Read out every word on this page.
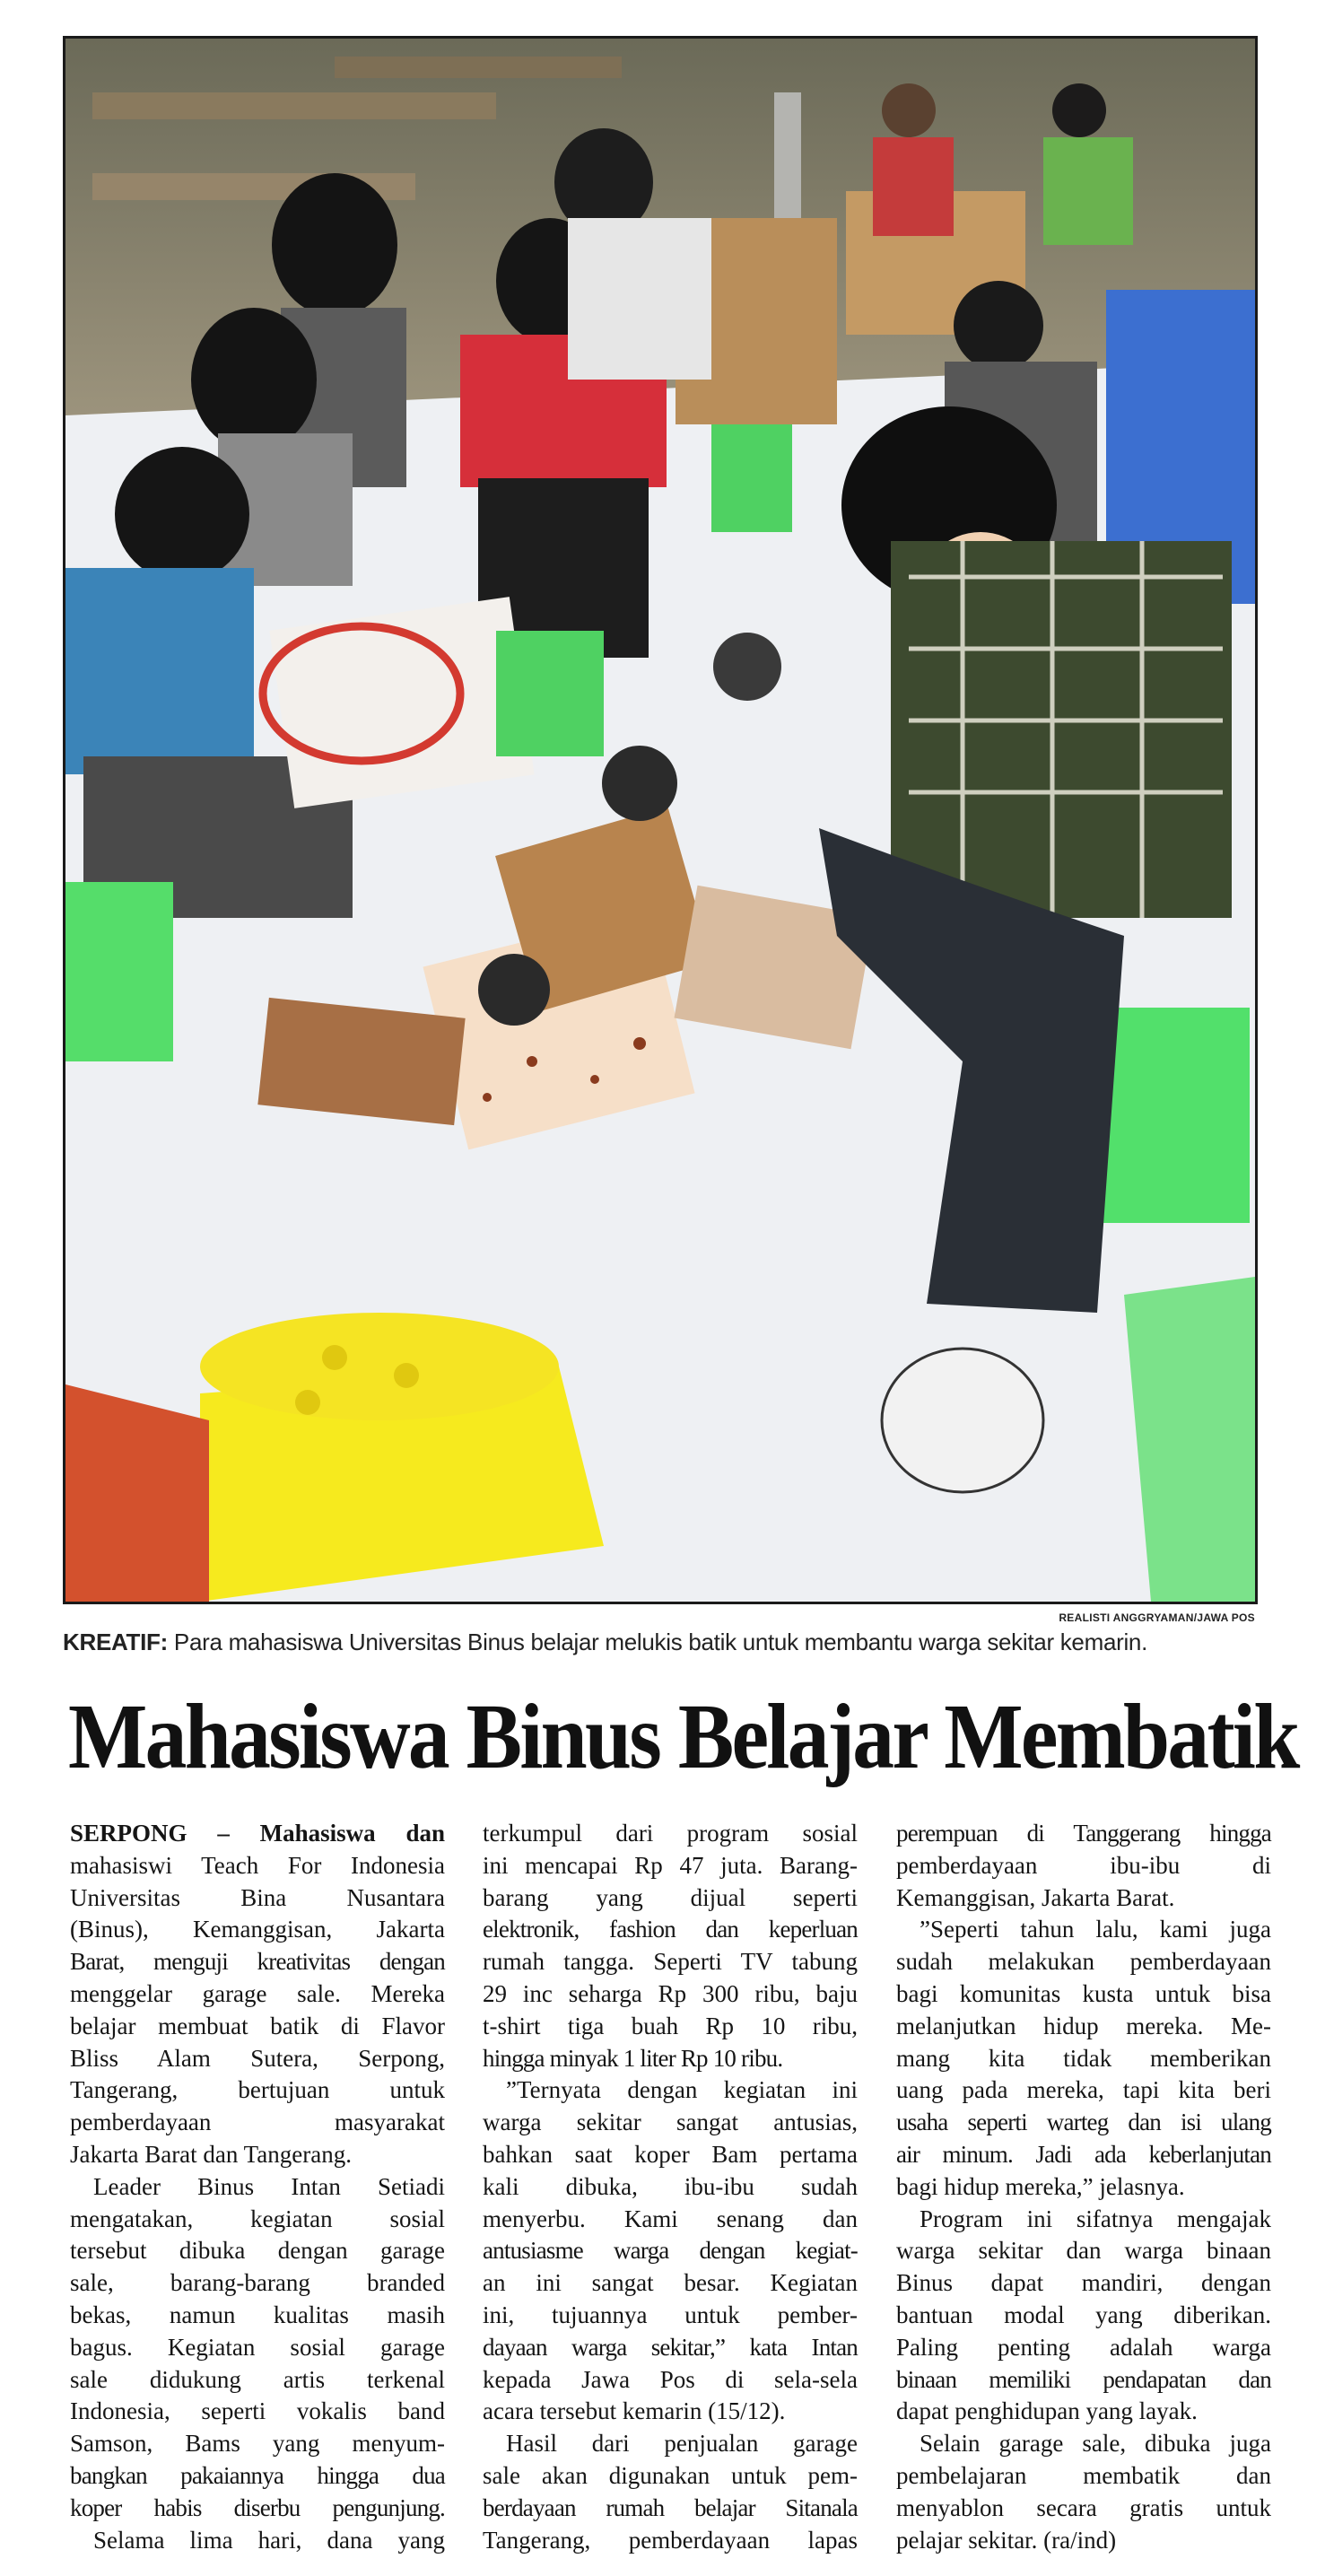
REALISTI ANGGRYAMAN/JAWA POS
KREATIF: Para mahasiswa Universitas Binus belajar melukis batik untuk membantu warga sekitar kemarin.
Mahasiswa Binus Belajar Membatik
SERPONG – Mahasiswa dan
mahasiswi Teach For Indonesia
Universitas Bina Nusantara
(Binus), Kemanggisan, Jakarta
Barat, menguji kreativitas dengan
menggelar garage sale. Mereka
belajar membuat batik di Flavor
Bliss Alam Sutera, Serpong,
Tangerang, bertujuan untuk
pemberdayaan masyarakat
Jakarta Barat dan Tangerang.
Leader Binus Intan Setiadi
mengatakan, kegiatan sosial
tersebut dibuka dengan garage
sale, barang-barang branded
bekas, namun kualitas masih
bagus. Kegiatan sosial garage
sale didukung artis terkenal
Indonesia, seperti vokalis band
Samson, Bams yang menyum-
bangkan pakaiannya hingga dua
koper habis diserbu pengunjung.
Selama lima hari, dana yang
terkumpul dari program sosial
ini mencapai Rp 47 juta. Barang-
barang yang dijual seperti
elektronik, fashion dan keperluan
rumah tangga. Seperti TV tabung
29 inc seharga Rp 300 ribu, baju
t-shirt tiga buah Rp 10 ribu,
hingga minyak 1 liter Rp 10 ribu.
”Ternyata dengan kegiatan ini
warga sekitar sangat antusias,
bahkan saat koper Bam pertama
kali dibuka, ibu-ibu sudah
menyerbu. Kami senang dan
antusiasme warga dengan kegiat-
an ini sangat besar. Kegiatan
ini, tujuannya untuk pember-
dayaan warga sekitar,” kata Intan
kepada Jawa Pos di sela-sela
acara tersebut kemarin (15/12).
Hasil dari penjualan garage
sale akan digunakan untuk pem-
berdayaan rumah belajar Sitanala
Tangerang, pemberdayaan lapas
perempuan di Tanggerang hingga
pemberdayaan ibu-ibu di
Kemanggisan, Jakarta Barat.
”Seperti tahun lalu, kami juga
sudah melakukan pemberdayaan
bagi komunitas kusta untuk bisa
melanjutkan hidup mereka. Me-
mang kita tidak memberikan
uang pada mereka, tapi kita beri
usaha seperti warteg dan isi ulang
air minum. Jadi ada keberlanjutan
bagi hidup mereka,” jelasnya.
Program ini sifatnya mengajak
warga sekitar dan warga binaan
Binus dapat mandiri, dengan
bantuan modal yang diberikan.
Paling penting adalah warga
binaan memiliki pendapatan dan
dapat penghidupan yang layak.
Selain garage sale, dibuka juga
pembelajaran membatik dan
menyablon secara gratis untuk
pelajar sekitar. (ra/ind)
